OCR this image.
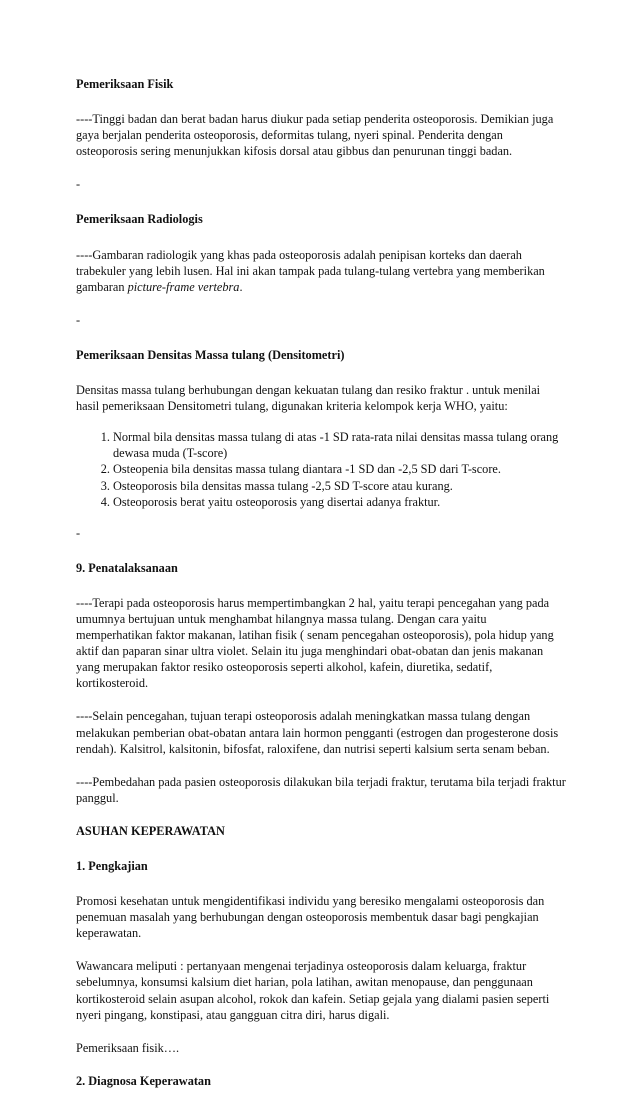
Pemeriksaan Fisik

----Tinggi badan dan berat badan harus diukur pada setiap penderita osteoporosis. Demikian juga gaya berjalan penderita osteoporosis, deformitas tulang, nyeri spinal. Penderita dengan osteoporosis sering menunjukkan kifosis dorsal atau gibbus dan penurunan tinggi badan.

-

Pemeriksaan Radiologis

----Gambaran radiologik yang khas pada osteoporosis adalah penipisan korteks dan daerah trabekuler yang lebih lusen. Hal ini akan tampak pada tulang-tulang vertebra yang memberikan gambaran picture-frame vertebra.

-

Pemeriksaan Densitas Massa tulang (Densitometri)

Densitas massa tulang berhubungan dengan kekuatan tulang dan resiko fraktur . untuk menilai hasil pemeriksaan Densitometri tulang, digunakan kriteria kelompok kerja WHO, yaitu:

1. Normal bila densitas massa tulang di atas -1 SD rata-rata nilai densitas massa tulang orang dewasa muda (T-score)
2. Osteopenia bila densitas massa tulang diantara -1 SD dan -2,5 SD dari T-score.
3. Osteoporosis bila densitas massa tulang -2,5 SD T-score atau kurang.
4. Osteoporosis berat yaitu osteoporosis yang disertai adanya fraktur.

-

9. Penatalaksanaan

----Terapi pada osteoporosis harus mempertimbangkan 2 hal, yaitu terapi pencegahan yang pada umumnya bertujuan untuk menghambat hilangnya massa tulang. Dengan cara yaitu memperhatikan faktor makanan, latihan fisik ( senam pencegahan osteoporosis), pola hidup yang aktif dan paparan sinar ultra violet. Selain itu juga menghindari obat-obatan dan jenis makanan yang merupakan faktor resiko osteoporosis seperti alkohol, kafein, diuretika, sedatif, kortikosteroid.

----Selain pencegahan, tujuan terapi osteoporosis adalah meningkatkan massa tulang dengan melakukan pemberian obat-obatan antara lain hormon pengganti (estrogen dan progesterone dosis rendah). Kalsitrol, kalsitonin, bifosfat, raloxifene, dan nutrisi seperti kalsium serta senam beban.

----Pembedahan pada pasien osteoporosis dilakukan bila terjadi fraktur, terutama bila terjadi fraktur panggul.

ASUHAN KEPERAWATAN

1. Pengkajian

Promosi kesehatan untuk mengidentifikasi individu yang beresiko mengalami osteoporosis dan penemuan masalah yang berhubungan dengan osteoporosis membentuk dasar bagi pengkajian keperawatan.

Wawancara meliputi : pertanyaan mengenai terjadinya osteoporosis dalam keluarga, fraktur sebelumnya, konsumsi kalsium diet harian, pola latihan, awitan menopause, dan penggunaan kortikosteroid selain asupan alcohol, rokok dan kafein. Setiap gejala yang dialami pasien seperti nyeri pingang, konstipasi, atau gangguan citra diri, harus digali.

Pemeriksaan fisik….

2. Diagnosa Keperawatan
